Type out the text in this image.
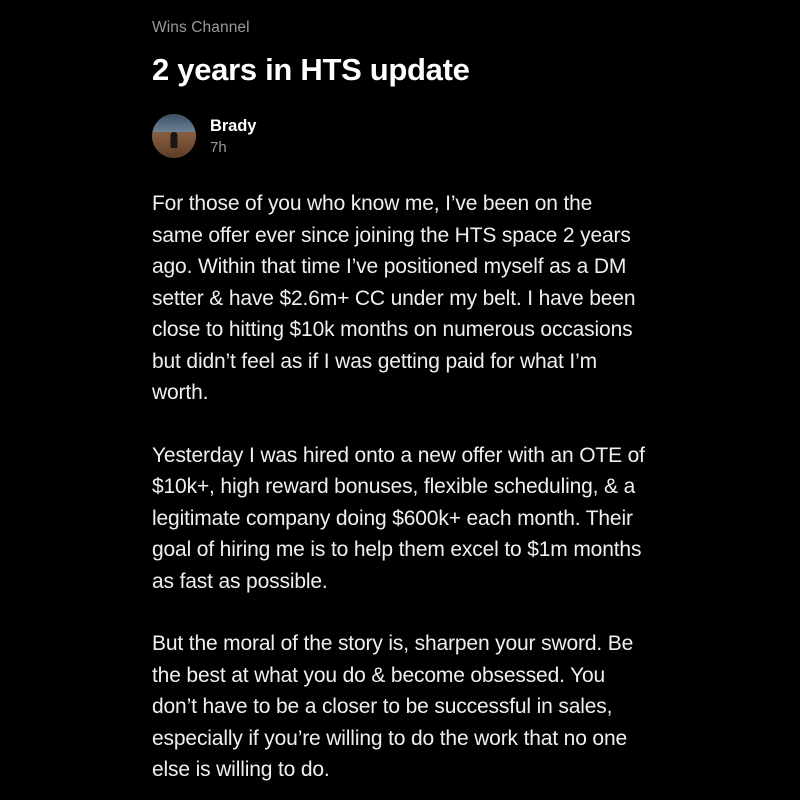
Wins Channel
2 years in HTS update
Brady
7h

For those of you who know me, I’ve been on the same offer ever since joining the HTS space 2 years ago. Within that time I’ve positioned myself as a DM setter & have $2.6m+ CC under my belt. I have been close to hitting $10k months on numerous occasions but didn’t feel as if I was getting paid for what I’m worth.

Yesterday I was hired onto a new offer with an OTE of $10k+, high reward bonuses, flexible scheduling, & a legitimate company doing $600k+ each month. Their goal of hiring me is to help them excel to $1m months as fast as possible.

But the moral of the story is, sharpen your sword. Be the best at what you do & become obsessed. You don’t have to be a closer to be successful in sales, especially if you’re willing to do the work that no one else is willing to do.
